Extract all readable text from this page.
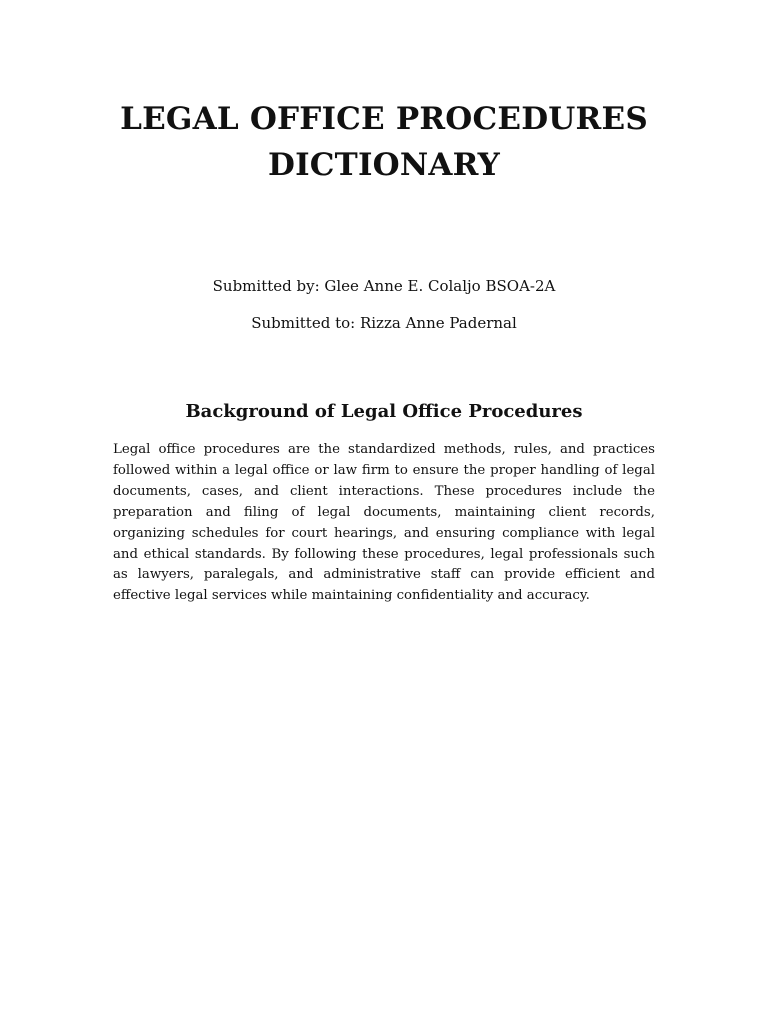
LEGAL OFFICE PROCEDURES
DICTIONARY

Submitted by: Glee Anne E. Colaljo BSOA-2A

Submitted to: Rizza Anne Padernal

Background of Legal Office Procedures

Legal office procedures are the standardized methods, rules, and practices followed within a legal office or law firm to ensure the proper handling of legal documents, cases, and client interactions. These procedures include the preparation and filing of legal documents, maintaining client records, organizing schedules for court hearings, and ensuring compliance with legal and ethical standards. By following these procedures, legal professionals such as lawyers, paralegals, and administrative staff can provide efficient and effective legal services while maintaining confidentiality and accuracy.
